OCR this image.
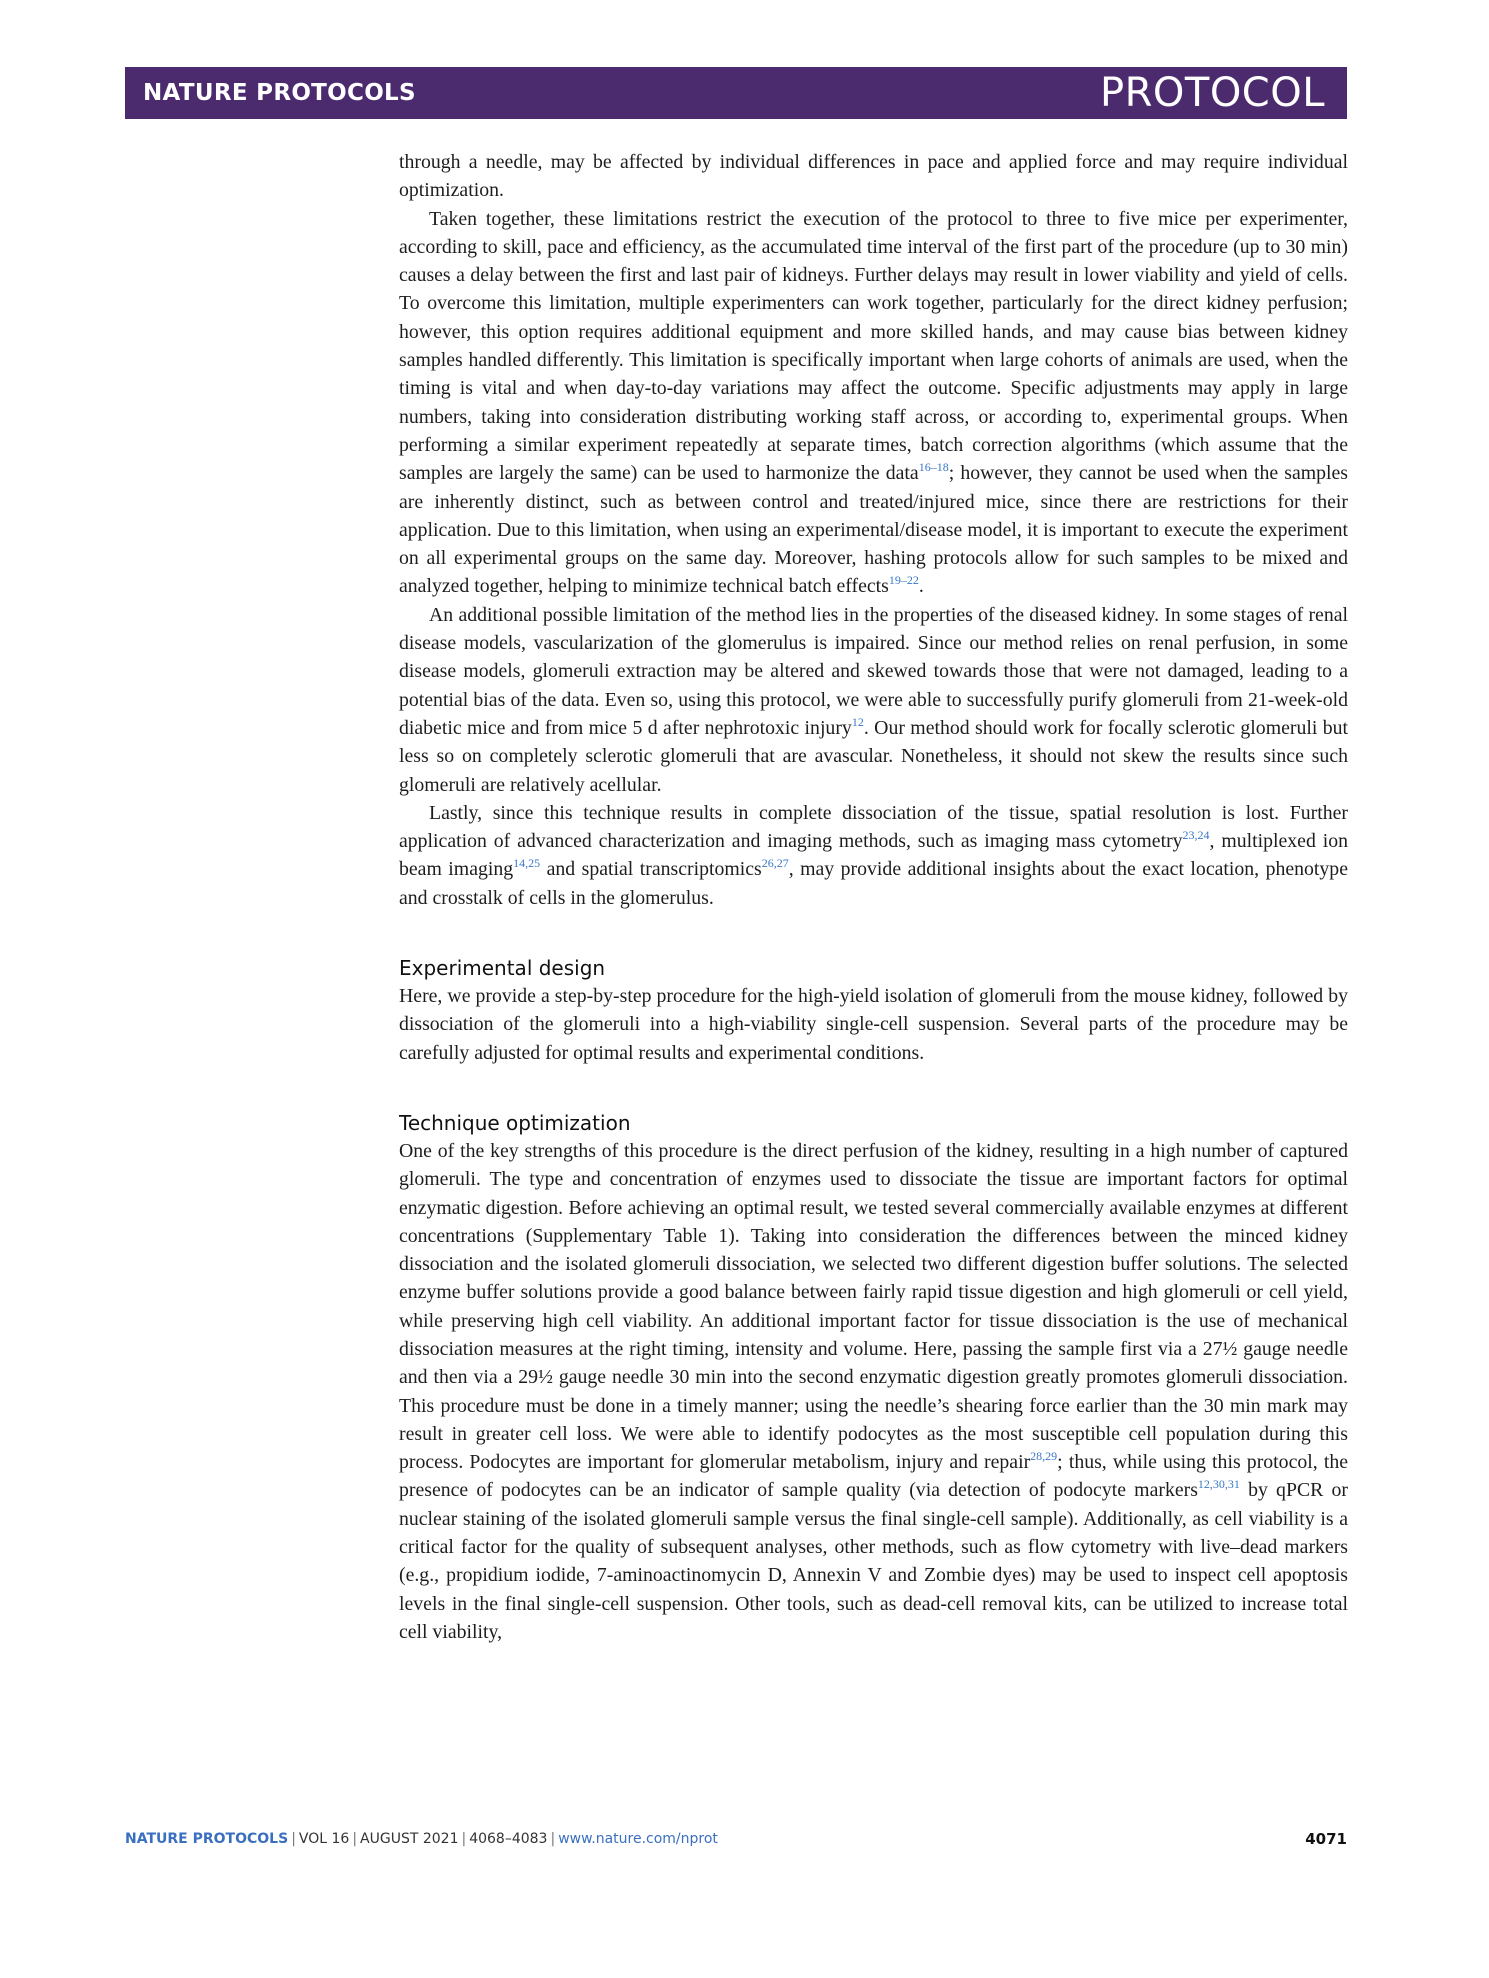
NATURE PROTOCOLS	PROTOCOL

through a needle, may be affected by individual differences in pace and applied force and may require individual optimization.

Taken together, these limitations restrict the execution of the protocol to three to five mice per experimenter, according to skill, pace and efficiency, as the accumulated time interval of the first part of the procedure (up to 30 min) causes a delay between the first and last pair of kidneys. Further delays may result in lower viability and yield of cells. To overcome this limitation, multiple experimenters can work together, particularly for the direct kidney perfusion; however, this option requires additional equipment and more skilled hands, and may cause bias between kidney samples handled differently. This limitation is specifically important when large cohorts of animals are used, when the timing is vital and when day-to-day variations may affect the outcome. Specific adjustments may apply in large numbers, taking into consideration distributing working staff across, or according to, experimental groups. When performing a similar experiment repeatedly at separate times, batch correction algorithms (which assume that the samples are largely the same) can be used to harmonize the data$^{16-18}$; however, they cannot be used when the samples are inherently distinct, such as between control and treated/injured mice, since there are restrictions for their application. Due to this limitation, when using an experimental/disease model, it is important to execute the experiment on all experimental groups on the same day. Moreover, hashing protocols allow for such samples to be mixed and analyzed together, helping to minimize technical batch effects$^{19-22}$.

An additional possible limitation of the method lies in the properties of the diseased kidney. In some stages of renal disease models, vascularization of the glomerulus is impaired. Since our method relies on renal perfusion, in some disease models, glomeruli extraction may be altered and skewed towards those that were not damaged, leading to a potential bias of the data. Even so, using this protocol, we were able to successfully purify glomeruli from 21-week-old diabetic mice and from mice 5 d after nephrotoxic injury$^{12}$. Our method should work for focally sclerotic glomeruli but less so on completely sclerotic glomeruli that are avascular. Nonetheless, it should not skew the results since such glomeruli are relatively acellular.

Lastly, since this technique results in complete dissociation of the tissue, spatial resolution is lost. Further application of advanced characterization and imaging methods, such as imaging mass cytometry$^{23,24}$, multiplexed ion beam imaging$^{14,25}$ and spatial transcriptomics$^{26,27}$, may provide additional insights about the exact location, phenotype and crosstalk of cells in the glomerulus.

Experimental design

Here, we provide a step-by-step procedure for the high-yield isolation of glomeruli from the mouse kidney, followed by dissociation of the glomeruli into a high-viability single-cell suspension. Several parts of the procedure may be carefully adjusted for optimal results and experimental conditions.

Technique optimization

One of the key strengths of this procedure is the direct perfusion of the kidney, resulting in a high number of captured glomeruli. The type and concentration of enzymes used to dissociate the tissue are important factors for optimal enzymatic digestion. Before achieving an optimal result, we tested several commercially available enzymes at different concentrations (Supplementary Table 1). Taking into consideration the differences between the minced kidney dissociation and the isolated glomeruli dissociation, we selected two different digestion buffer solutions. The selected enzyme buffer solutions provide a good balance between fairly rapid tissue digestion and high glomeruli or cell yield, while preserving high cell viability. An additional important factor for tissue dissociation is the use of mechanical dissociation measures at the right timing, intensity and volume. Here, passing the sample first via a 27½ gauge needle and then via a 29½ gauge needle 30 min into the second enzymatic digestion greatly promotes glomeruli dissociation. This procedure must be done in a timely manner; using the needle’s shearing force earlier than the 30 min mark may result in greater cell loss. We were able to identify podocytes as the most susceptible cell population during this process. Podocytes are important for glomerular metabolism, injury and repair$^{28,29}$; thus, while using this protocol, the presence of podocytes can be an indicator of sample quality (via detection of podocyte markers$^{12,30,31}$ by qPCR or nuclear staining of the isolated glomeruli sample versus the final single-cell sample). Additionally, as cell viability is a critical factor for the quality of subsequent analyses, other methods, such as flow cytometry with live–dead markers (e.g., propidium iodide, 7-aminoactinomycin D, Annexin V and Zombie dyes) may be used to inspect cell apoptosis levels in the final single-cell suspension. Other tools, such as dead-cell removal kits, can be utilized to increase total cell viability,

NATURE PROTOCOLS | VOL 16 | AUGUST 2021 | 4068–4083 | www.nature.com/nprot	4071
